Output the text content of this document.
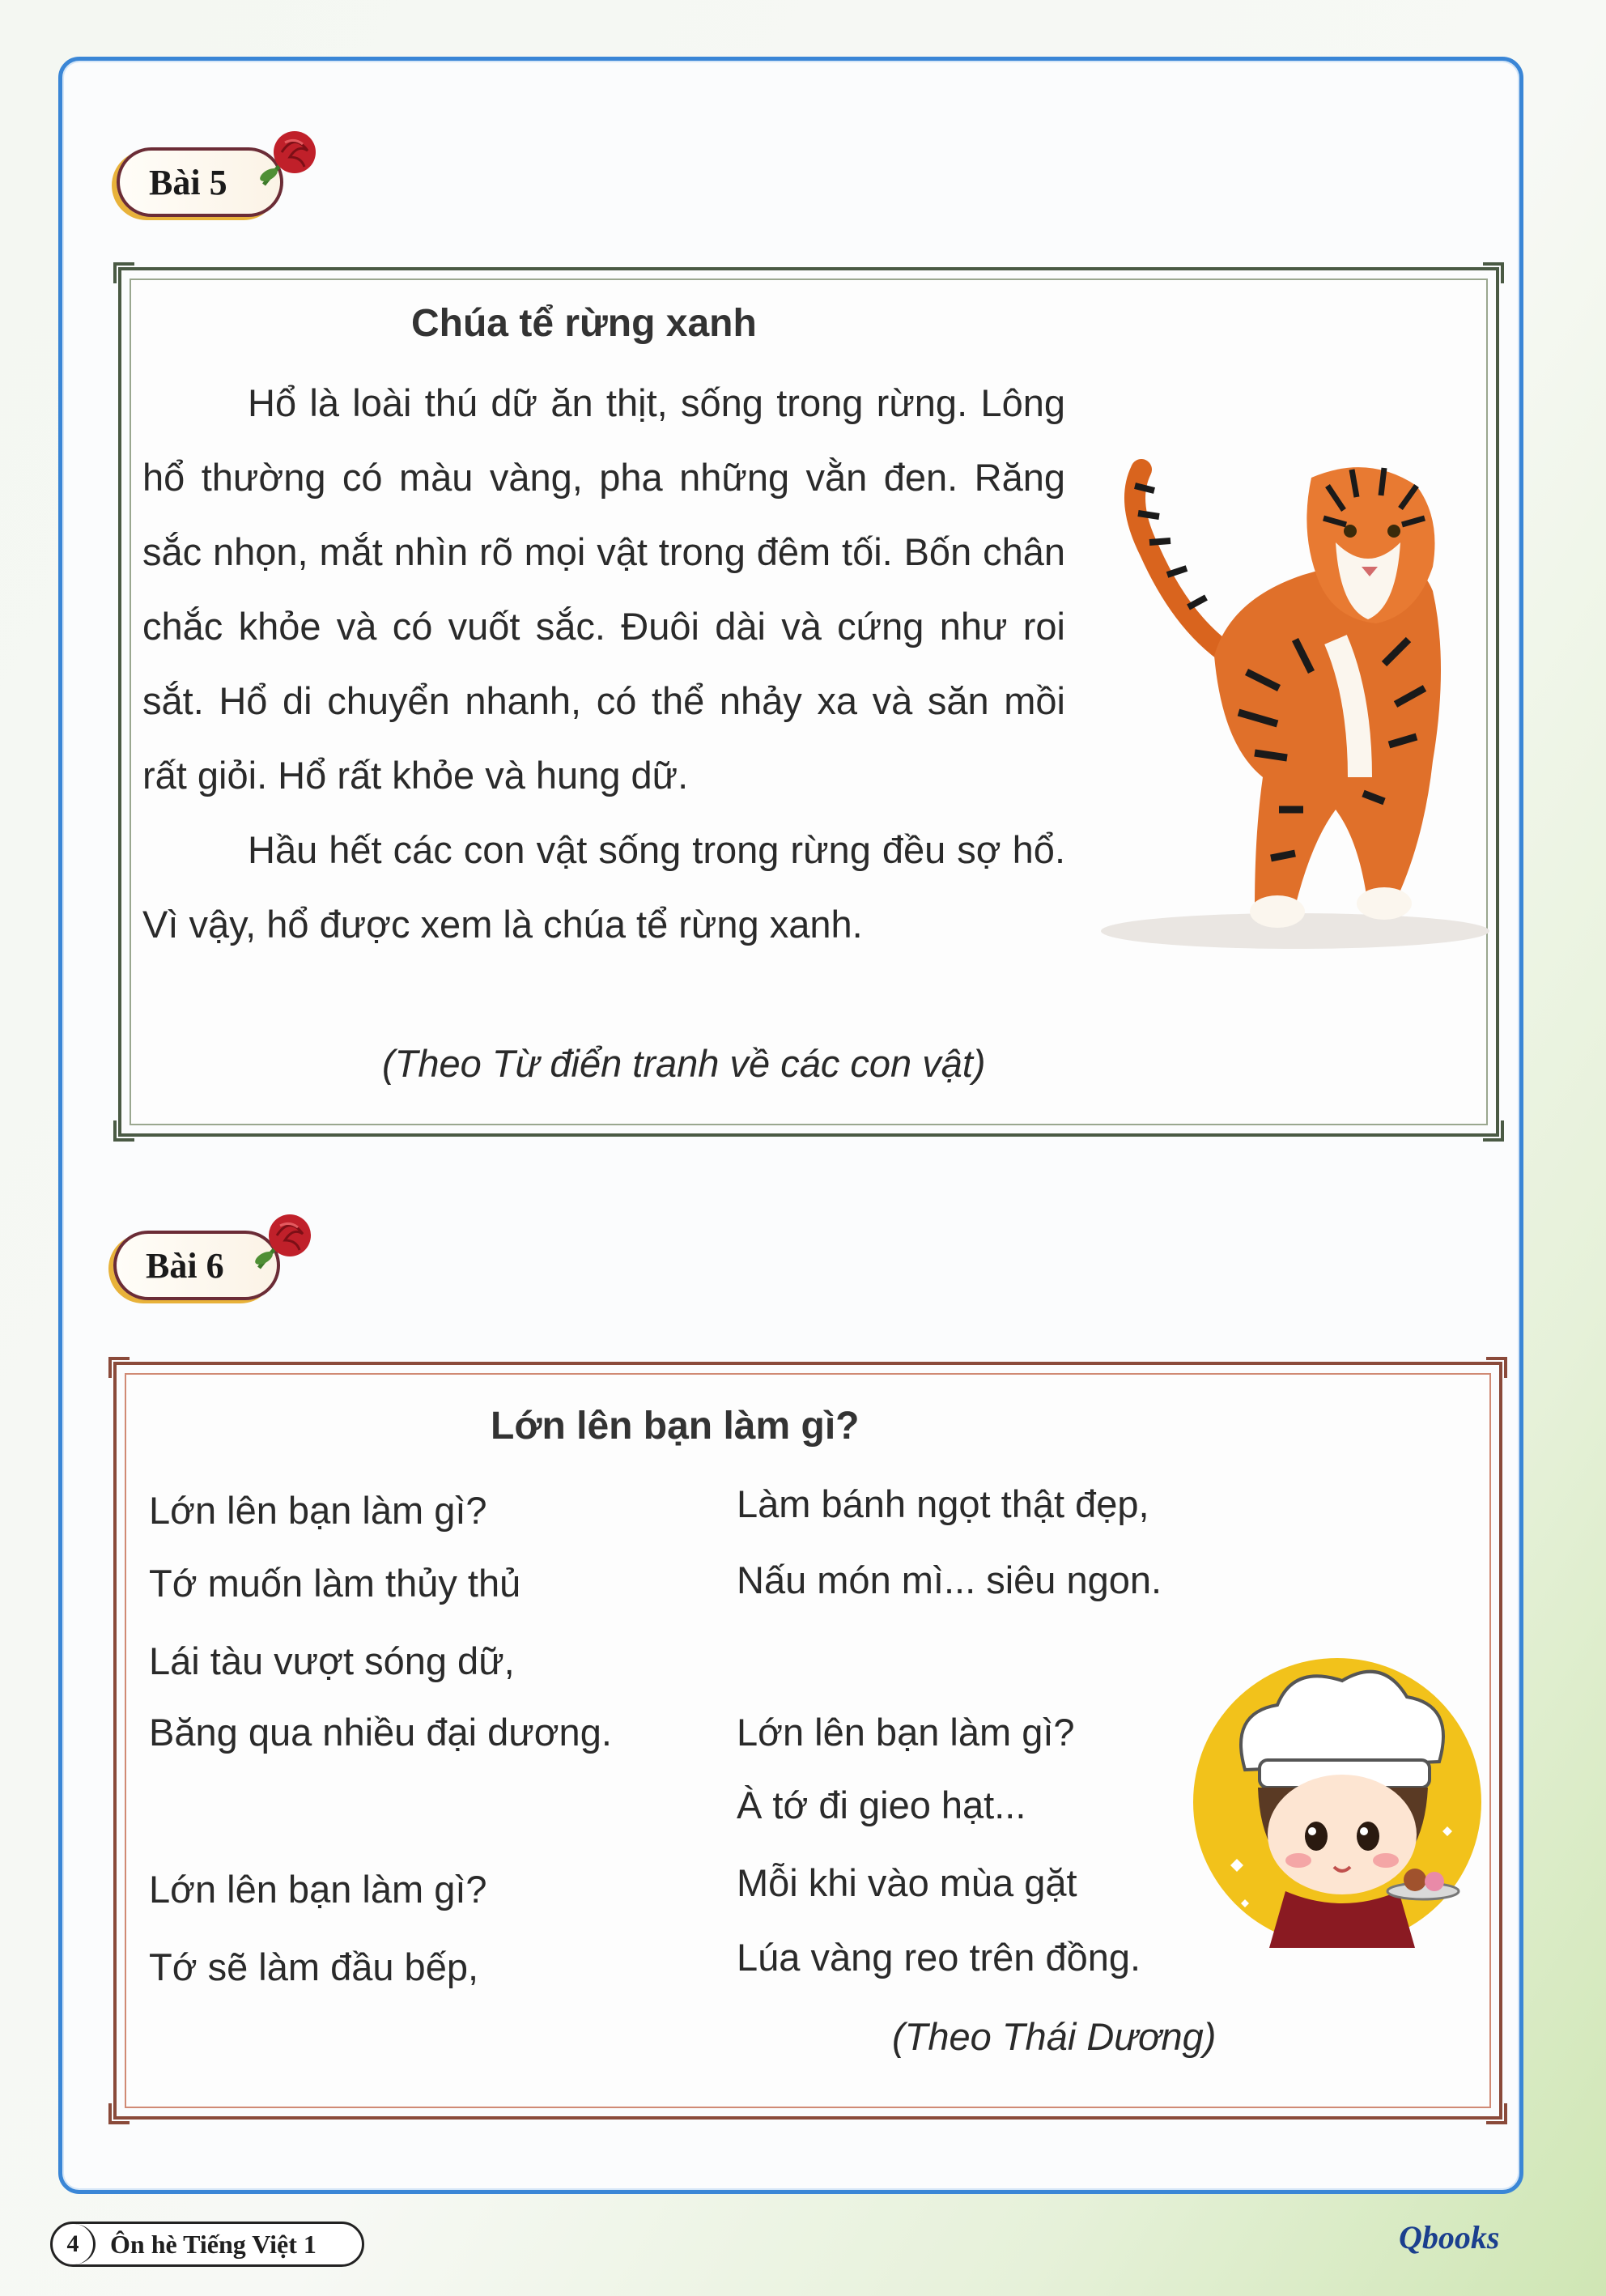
Bài 5
Chúa tể rừng xanh

Hổ là loài thú dữ ăn thịt, sống trong rừng. Lông hổ thường có màu vàng, pha những vằn đen. Răng sắc nhọn, mắt nhìn rõ mọi vật trong đêm tối. Bốn chân chắc khỏe và có vuốt sắc. Đuôi dài và cứng như roi sắt. Hổ di chuyển nhanh, có thể nhảy xa và săn mồi rất giỏi. Hổ rất khỏe và hung dữ.

Hầu hết các con vật sống trong rừng đều sợ hổ. Vì vậy, hổ được xem là chúa tể rừng xanh.

(Theo Từ điển tranh về các con vật)
Bài 6
Lớn lên bạn làm gì?
Lớn lên bạn làm gì?
Tớ muốn làm thủy thủ
Lái tàu vượt sóng dữ,
Băng qua nhiều đại dương.
Lớn lên bạn làm gì?
Tớ sẽ làm đầu bếp,
Làm bánh ngọt thật đẹp,
Nấu món mì... siêu ngon.
Lớn lên bạn làm gì?
À tớ đi gieo hạt...
Mỗi khi vào mùa gặt
Lúa vàng reo trên đồng.
(Theo Thái Dương)
4	Ôn hè Tiếng Việt 1	Qbooks
